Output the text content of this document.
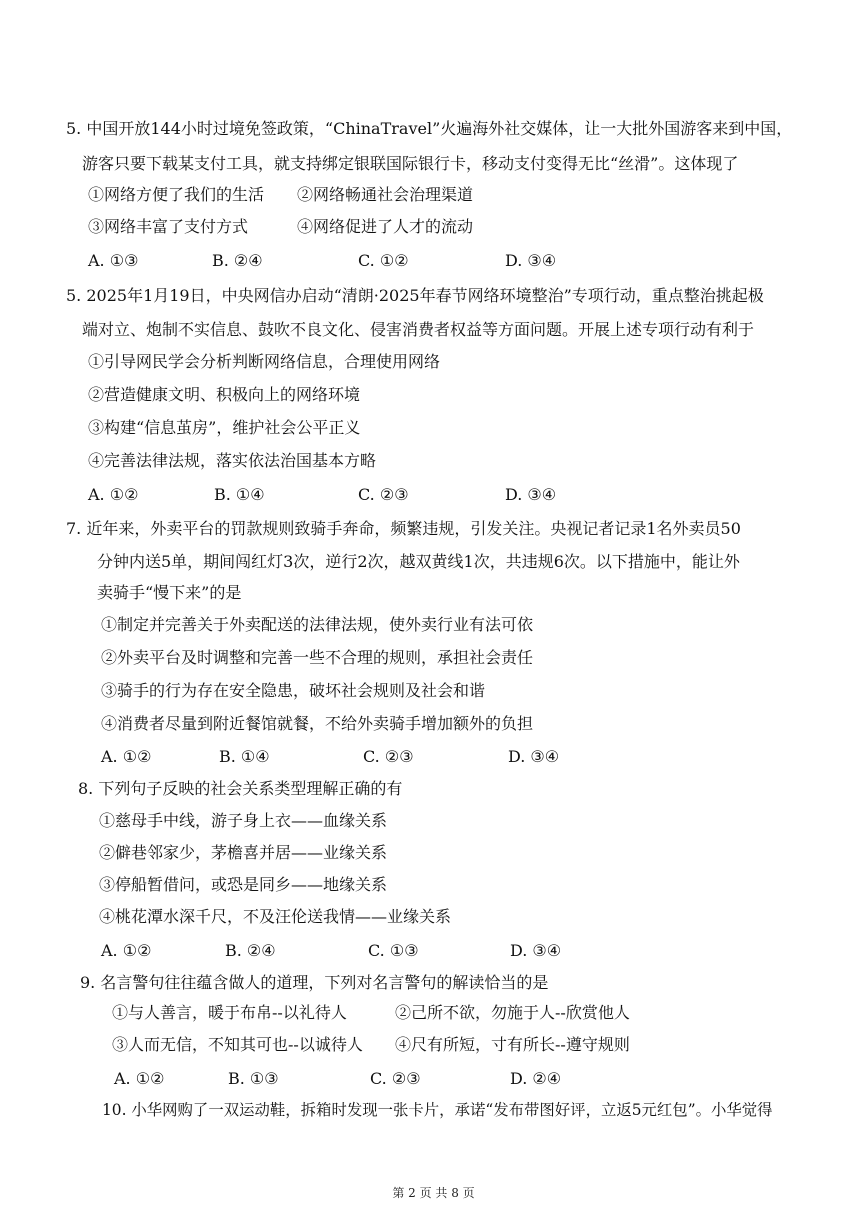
5. 中国开放144小时过境免签政策，“ChinaTravel”火遍海外社交媒体，让一大批外国游客来到中国，
游客只要下载某支付工具，就支持绑定银联国际银行卡，移动支付变得无比“丝滑”。这体现了
①网络方便了我们的生活 ②网络畅通社会治理渠道
③网络丰富了支付方式	④网络促进了人才的流动
A. ①③	B. ②④	C. ①②	D. ③④
5. 2025年1月19日，中央网信办启动“清朗·2025年春节网络环境整治”专项行动，重点整治挑起极
端对立、炮制不实信息、鼓吹不良文化、侵害消费者权益等方面问题。开展上述专项行动有利于
①引导网民学会分析判断网络信息，合理使用网络
②营造健康文明、积极向上的网络环境
③构建“信息茧房”，维护社会公平正义
④完善法律法规，落实依法治国基本方略
A. ①②	B. ①④	C. ②③	D. ③④
7. 近年来，外卖平台的罚款规则致骑手奔命，频繁违规，引发关注。央视记者记录1名外卖员50
分钟内送5单，期间闯红灯3次，逆行2次，越双黄线1次，共违规6次。以下措施中，能让外
卖骑手“慢下来”的是
①制定并完善关于外卖配送的法律法规，使外卖行业有法可依
②外卖平台及时调整和完善一些不合理的规则，承担社会责任
③骑手的行为存在安全隐患，破坏社会规则及社会和谐
④消费者尽量到附近餐馆就餐，不给外卖骑手增加额外的负担
A. ①②	B. ①④	C. ②③	D. ③④
8. 下列句子反映的社会关系类型理解正确的有
①慈母手中线，游子身上衣——血缘关系
②僻巷邻家少，茅檐喜并居——业缘关系
③停船暂借问，或恐是同乡——地缘关系
④桃花潭水深千尺，不及汪伦送我情——业缘关系
A. ①②	B. ②④	C. ①③	D. ③④
9. 名言警句往往蕴含做人的道理，下列对名言警句的解读恰当的是
①与人善言，暖于布帛--以礼待人	②己所不欲，勿施于人--欣赏他人
③人而无信，不知其可也--以诚待人 ④尺有所短，寸有所长--遵守规则
A. ①②	B. ①③	C. ②③	D. ②④
10. 小华网购了一双运动鞋，拆箱时发现一张卡片，承诺“发布带图好评，立返5元红包”。小华觉得
第 2 页 共 8 页
